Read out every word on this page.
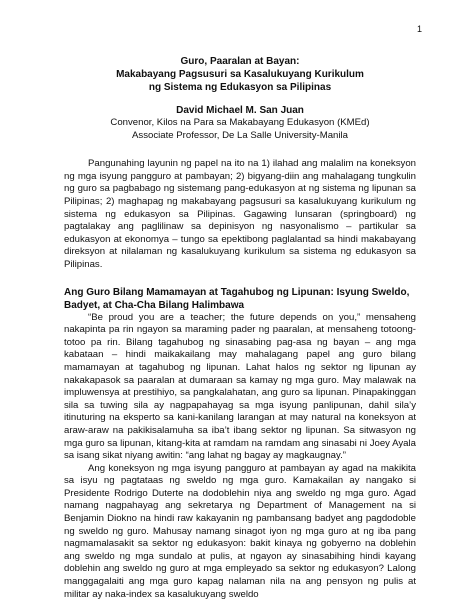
1
Guro, Paaralan at Bayan:
Makabayang Pagsusuri sa Kasalukuyang Kurikulum
ng Sistema ng Edukasyon sa Pilipinas
David Michael M. San Juan
Convenor, Kilos na Para sa Makabayang Edukasyon (KMEd)
Associate Professor, De La Salle University-Manila

Pangunahing layunin ng papel na ito na 1) ilahad ang malalim na koneksyon ng mga isyung pangguro at pambayan; 2) bigyang-diin ang mahalagang tungkulin ng guro sa pagbabago ng sistemang pang-edukasyon at ng sistema ng lipunan sa Pilipinas; 2) maghapag ng makabayang pagsusuri sa kasalukuyang kurikulum ng sistema ng edukasyon sa Pilipinas. Gagawing lunsaran (springboard) ng pagtalakay ang paglilinaw sa depinisyon ng nasyonalismo – partikular sa edukasyon at ekonomya – tungo sa epektibong paglalantad sa hindi makabayang direksyon at nilalaman ng kasalukuyang kurikulum sa sistema ng edukasyon sa Pilipinas.

Ang Guro Bilang Mamamayan at Tagahubog ng Lipunan: Isyung Sweldo, Badyet, at Cha-Cha Bilang Halimbawa

“Be proud you are a teacher; the future depends on you,” mensaheng nakapinta pa rin ngayon sa maraming pader ng paaralan, at mensaheng totoong-totoo pa rin. Bilang tagahubog ng sinasabing pag-asa ng bayan – ang mga kabataan – hindi maikakailang may mahalagang papel ang guro bilang mamamayan at tagahubog ng lipunan. Lahat halos ng sektor ng lipunan ay nakakapasok sa paaralan at dumaraan sa kamay ng mga guro. May malawak na impluwensya at prestihiyo, sa pangkalahatan, ang guro sa lipunan. Pinapakinggan sila sa tuwing sila ay nagpapahayag sa mga isyung panlipunan, dahil sila’y itinuturing na eksperto sa kani-kanilang larangan at may natural na koneksyon at araw-araw na pakikisalamuha sa iba’t ibang sektor ng lipunan. Sa sitwasyon ng mga guro sa lipunan, kitang-kita at ramdam na ramdam ang sinasabi ni Joey Ayala sa isang sikat niyang awitin: “ang lahat ng bagay ay magkaugnay.”

Ang koneksyon ng mga isyung pangguro at pambayan ay agad na makikita sa isyu ng pagtataas ng sweldo ng mga guro. Kamakailan ay nangako si Presidente Rodrigo Duterte na dodoblehin niya ang sweldo ng mga guro. Agad namang nagpahayag ang sekretarya ng Department of Management na si Benjamin Diokno na hindi raw kakayanin ng pambansang badyet ang pagdodoble ng sweldo ng guro. Mahusay namang sinagot iyon ng mga guro at ng iba pang nagmamalasakit sa sektor ng edukasyon: bakit kinaya ng gobyerno na doblehin ang sweldo ng mga sundalo at pulis, at ngayon ay sinasabihing hindi kayang doblehin ang sweldo ng guro at mga empleyado sa sektor ng edukasyon? Lalong manggagalaiti ang mga guro kapag nalaman nila na ang pensyon ng pulis at militar ay naka-index sa kasalukuyang sweldo
